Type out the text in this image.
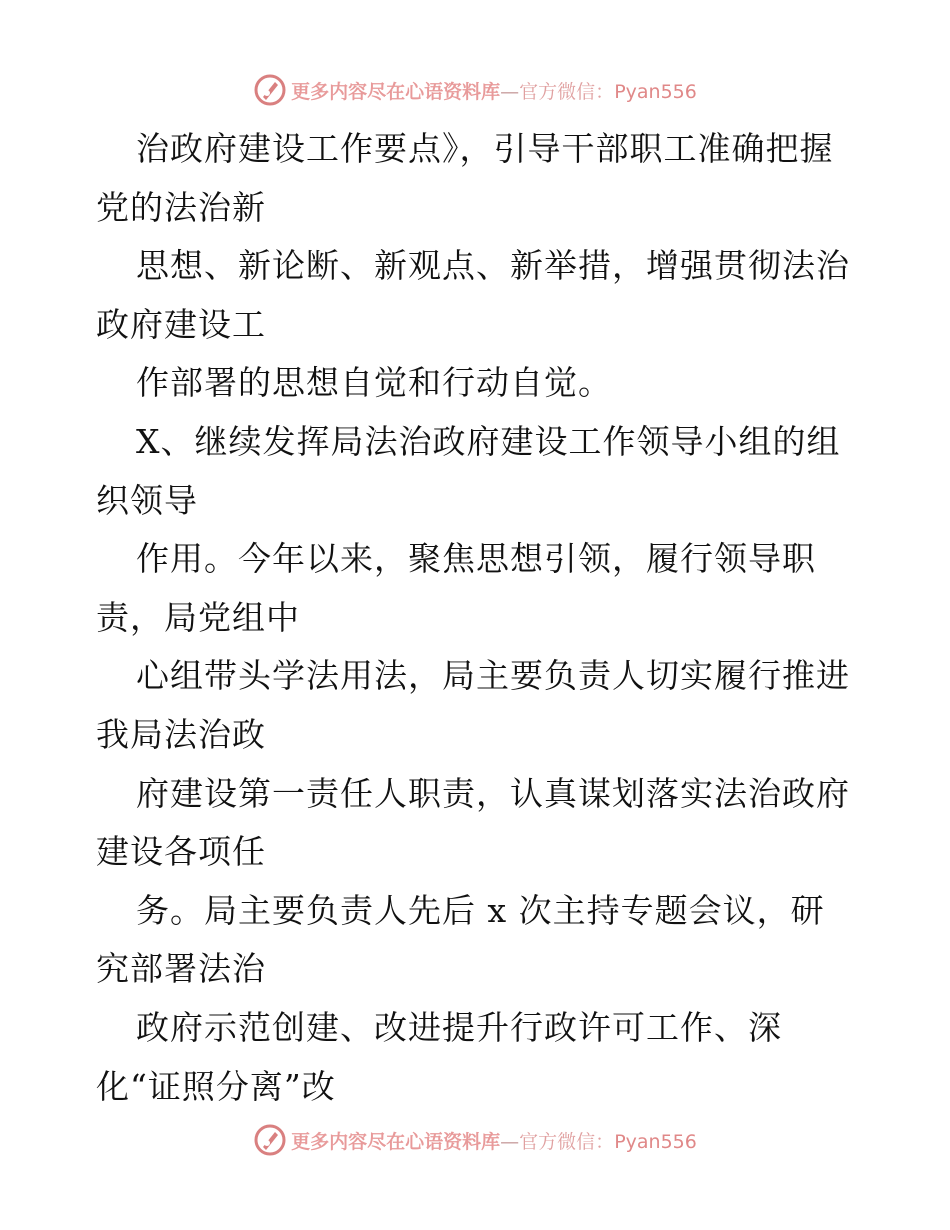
更多内容尽在心语资料库—官方微信：Pyan556
治政府建设工作要点》，引导干部职工准确把握
党的法治新
思想、新论断、新观点、新举措，增强贯彻法治
政府建设工
作部署的思想自觉和行动自觉。
X、继续发挥局法治政府建设工作领导小组的组
织领导
作用。今年以来，聚焦思想引领，履行领导职
责，局党组中
心组带头学法用法，局主要负责人切实履行推进
我局法治政
府建设第一责任人职责，认真谋划落实法治政府
建设各项任
务。局主要负责人先后 x 次主持专题会议，研
究部署法治
政府示范创建、改进提升行政许可工作、深
化“证照分离”改
更多内容尽在心语资料库—官方微信：Pyan556
